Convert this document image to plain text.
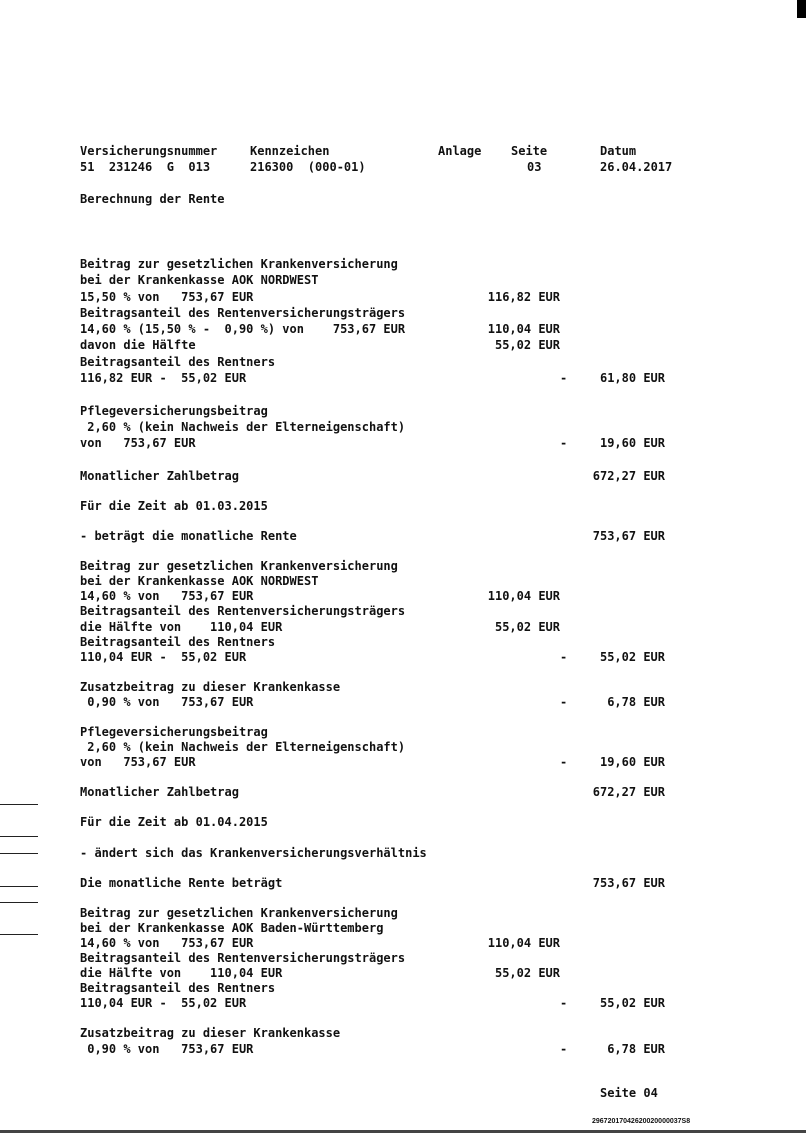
Versicherungsnummer	Kennzeichen	Anlage Seite	Datum
51  231246  G  013	216300  (000-01)	03	26.04.2017
Berechnung der Rente
Beitrag zur gesetzlichen Krankenversicherung
bei der Krankenkasse AOK NORDWEST
15,50 % von   753,67 EUR	116,82 EUR
Beitragsanteil des Rentenversicherungsträgers
14,60 % (15,50 % -  0,90 %) von    753,67 EUR	110,04 EUR
davon die Hälfte	55,02 EUR
Beitragsanteil des Rentners
116,82 EUR -  55,02 EUR	-	61,80 EUR
Pflegeversicherungsbeitrag
2,60 % (kein Nachweis der Elterneigenschaft)
von   753,67 EUR	-	19,60 EUR
Monatlicher Zahlbetrag	672,27 EUR
Für die Zeit ab 01.03.2015
- beträgt die monatliche Rente	753,67 EUR
Beitrag zur gesetzlichen Krankenversicherung
bei der Krankenkasse AOK NORDWEST
14,60 % von   753,67 EUR	110,04 EUR
Beitragsanteil des Rentenversicherungsträgers
die Hälfte von    110,04 EUR	55,02 EUR
Beitragsanteil des Rentners
110,04 EUR -  55,02 EUR	-	55,02 EUR
Zusatzbeitrag zu dieser Krankenkasse
0,90 % von   753,67 EUR	-	6,78 EUR
Pflegeversicherungsbeitrag
2,60 % (kein Nachweis der Elterneigenschaft)
von   753,67 EUR	-	19,60 EUR
Monatlicher Zahlbetrag	672,27 EUR
Für die Zeit ab 01.04.2015
- ändert sich das Krankenversicherungsverhältnis
Die monatliche Rente beträgt	753,67 EUR
Beitrag zur gesetzlichen Krankenversicherung
bei der Krankenkasse AOK Baden-Württemberg
14,60 % von   753,67 EUR	110,04 EUR
Beitragsanteil des Rentenversicherungsträgers
die Hälfte von    110,04 EUR	55,02 EUR
Beitragsanteil des Rentners
110,04 EUR -  55,02 EUR	-	55,02 EUR
Zusatzbeitrag zu dieser Krankenkasse
0,90 % von   753,67 EUR	-	6,78 EUR
Seite 04
29672017042620020000037S8
